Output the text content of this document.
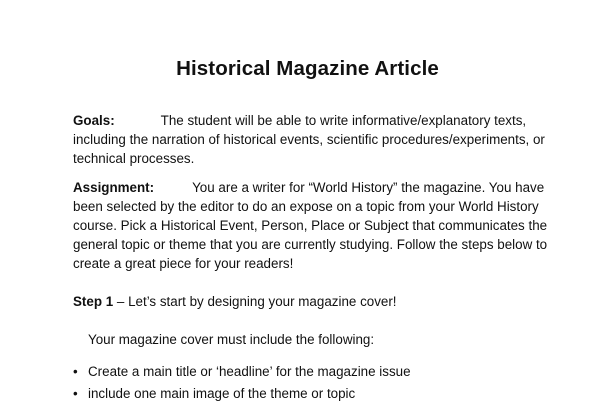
Historical Magazine Article
Goals:	The student will be able to write informative/explanatory texts, including the narration of historical events, scientific procedures/experiments, or technical processes.
Assignment:	You are a writer for “World History” the magazine. You have been selected by the editor to do an expose on a topic from your World History course. Pick a Historical Event, Person, Place or Subject that communicates the general topic or theme that you are currently studying. Follow the steps below to create a great piece for your readers!
Step 1 – Let’s start by designing your magazine cover!
Your magazine cover must include the following:
• Create a main title or ‘headline’ for the magazine issue
• include one main image of the theme or topic
